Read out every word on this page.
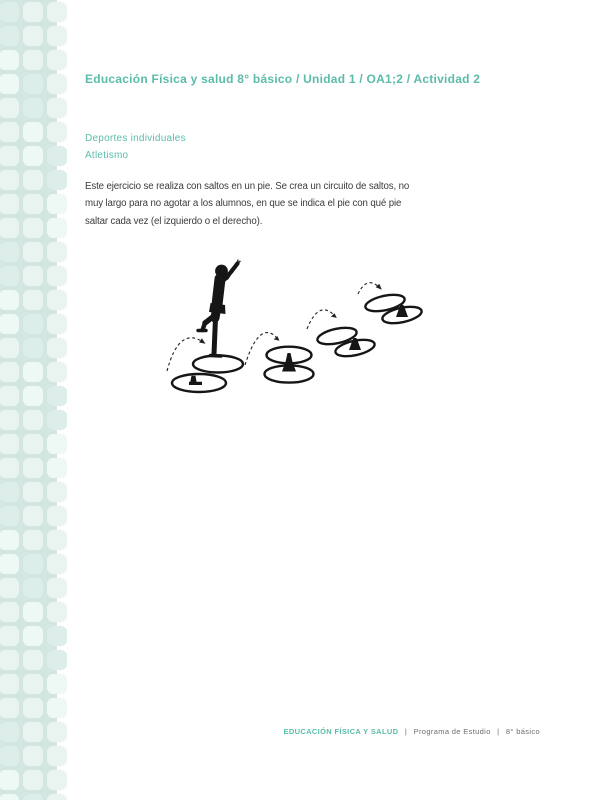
Educación Física y salud 8° básico / Unidad 1 / OA1;2 / Actividad 2
Deportes individuales
Atletismo
Este ejercicio se realiza con saltos en un pie. Se crea un circuito de saltos, no
muy largo para no agotar a los alumnos, en que se indica el pie con qué pie
saltar cada vez (el izquierdo o el derecho).
EDUCACIÓN FÍSICA Y SALUD | Programa de Estudio | 8° básico
